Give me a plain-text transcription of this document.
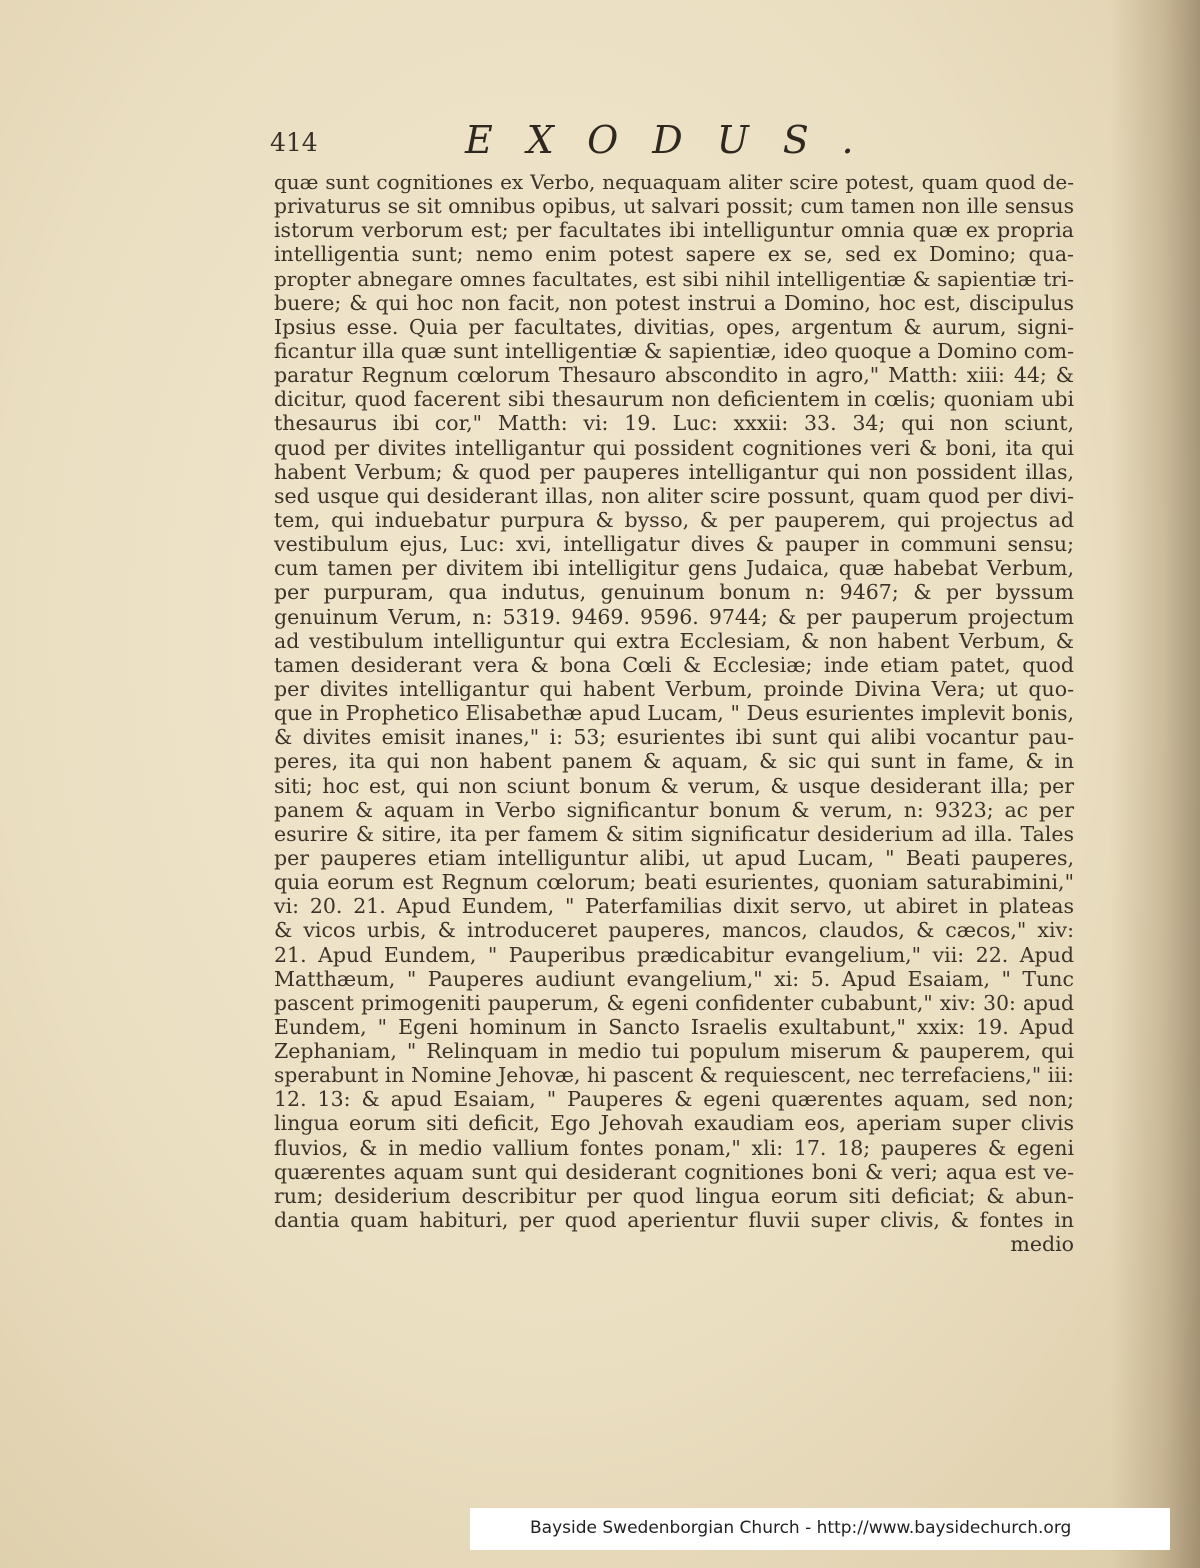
414	EXODUS.
quæ sunt cognitiones ex Verbo, nequaquam aliter scire potest, quam quod de-
privaturus se sit omnibus opibus, ut salvari possit; cum tamen non ille sensus
istorum verborum est; per facultates ibi intelliguntur omnia quæ ex propria
intelligentia sunt; nemo enim potest sapere ex se, sed ex Domino; qua-
propter abnegare omnes facultates, est sibi nihil intelligentiæ & sapientiæ tri-
buere; & qui hoc non facit, non potest instrui a Domino, hoc est, discipulus
Ipsius esse. Quia per facultates, divitias, opes, argentum & aurum, signi-
ficantur illa quæ sunt intelligentiæ & sapientiæ, ideo quoque a Domino com-
paratur Regnum cœlorum Thesauro abscondito in agro," Matth: xiii: 44; &
dicitur, quod facerent sibi thesaurum non deficientem in cœlis; quoniam ubi
thesaurus ibi cor," Matth: vi: 19. Luc: xxxii: 33. 34; qui non sciunt,
quod per divites intelligantur qui possident cognitiones veri & boni, ita qui
habent Verbum; & quod per pauperes intelligantur qui non possident illas,
sed usque qui desiderant illas, non aliter scire possunt, quam quod per divi-
tem, qui induebatur purpura & bysso, & per pauperem, qui projectus ad
vestibulum ejus, Luc: xvi, intelligatur dives & pauper in communi sensu;
cum tamen per divitem ibi intelligitur gens Judaica, quæ habebat Verbum,
per purpuram, qua indutus, genuinum bonum n: 9467; & per byssum
genuinum Verum, n: 5319. 9469. 9596. 9744; & per pauperum projectum
ad vestibulum intelliguntur qui extra Ecclesiam, & non habent Verbum, &
tamen desiderant vera & bona Cœli & Ecclesiæ; inde etiam patet, quod
per divites intelligantur qui habent Verbum, proinde Divina Vera; ut quo-
que in Prophetico Elisabethæ apud Lucam, " Deus esurientes implevit bonis,
& divites emisit inanes," i: 53; esurientes ibi sunt qui alibi vocantur pau-
peres, ita qui non habent panem & aquam, & sic qui sunt in fame, & in
siti; hoc est, qui non sciunt bonum & verum, & usque desiderant illa; per
panem & aquam in Verbo significantur bonum & verum, n: 9323; ac per
esurire & sitire, ita per famem & sitim significatur desiderium ad illa. Tales
per pauperes etiam intelliguntur alibi, ut apud Lucam, " Beati pauperes,
quia eorum est Regnum cœlorum; beati esurientes, quoniam saturabimini,"
vi: 20. 21. Apud Eundem, " Paterfamilias dixit servo, ut abiret in plateas
& vicos urbis, & introduceret pauperes, mancos, claudos, & cæcos," xiv:
21. Apud Eundem, " Pauperibus prædicabitur evangelium," vii: 22. Apud
Matthæum, " Pauperes audiunt evangelium," xi: 5. Apud Esaiam, " Tunc
pascent primogeniti pauperum, & egeni confidenter cubabunt," xiv: 30: apud
Eundem, " Egeni hominum in Sancto Israelis exultabunt," xxix: 19. Apud
Zephaniam, " Relinquam in medio tui populum miserum & pauperem, qui
sperabunt in Nomine Jehovæ, hi pascent & requiescent, nec terrefaciens," iii:
12. 13: & apud Esaiam, " Pauperes & egeni quærentes aquam, sed non;
lingua eorum siti deficit, Ego Jehovah exaudiam eos, aperiam super clivis
fluvios, & in medio vallium fontes ponam," xli: 17. 18; pauperes & egeni
quærentes aquam sunt qui desiderant cognitiones boni & veri; aqua est ve-
rum; desiderium describitur per quod lingua eorum siti deficiat; & abun-
dantia quam habituri, per quod aperientur fluvii super clivis, & fontes in
medio
Bayside Swedenborgian Church - http://www.baysidechurch.org
